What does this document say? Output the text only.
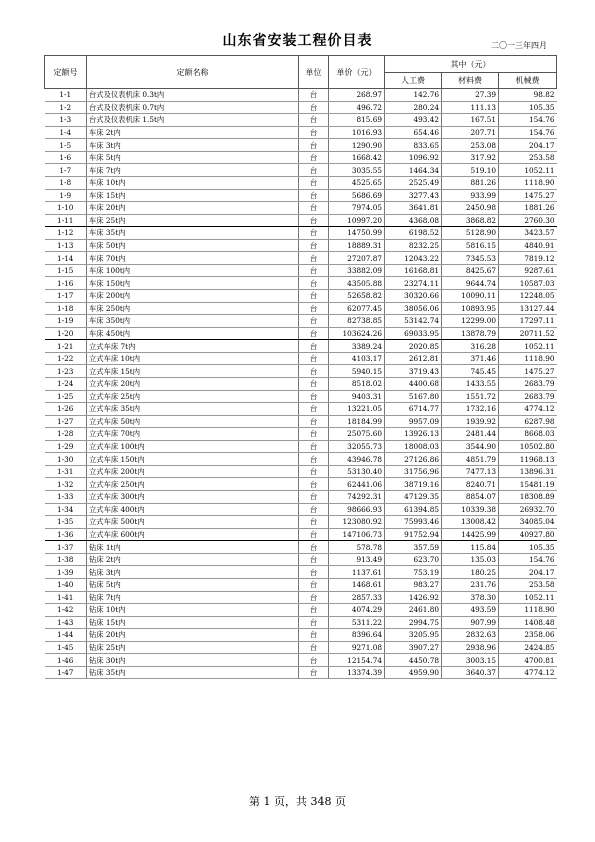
山东省安装工程价目表	二〇一三年四月
定额号	定额名称	单位	单价（元）	其中（元）		
				人工费	材料费	机械费
1-1	台式及仪表机床 0.3t内	台	268.97	142.76	27.39	98.82
1-2	台式及仪表机床 0.7t内	台	496.72	280.24	111.13	105.35
1-3	台式及仪表机床 1.5t内	台	815.69	493.42	167.51	154.76
1-4	车床 2t内	台	1016.93	654.46	207.71	154.76
1-5	车床 3t内	台	1290.90	833.65	253.08	204.17
1-6	车床 5t内	台	1668.42	1096.92	317.92	253.58
1-7	车床 7t内	台	3035.55	1464.34	519.10	1052.11
1-8	车床 10t内	台	4525.65	2525.49	881.26	1118.90
1-9	车床 15t内	台	5686.69	3277.43	933.99	1475.27
1-10	车床 20t内	台	7974.05	3641.81	2450.98	1881.26
1-11	车床 25t内	台	10997.20	4368.08	3868.82	2760.30
1-12	车床 35t内	台	14750.99	6198.52	5128.90	3423.57
1-13	车床 50t内	台	18889.31	8232.25	5816.15	4840.91
1-14	车床 70t内	台	27207.87	12043.22	7345.53	7819.12
1-15	车床 100t内	台	33882.09	16168.81	8425.67	9287.61
1-16	车床 150t内	台	43505.88	23274.11	9644.74	10587.03
1-17	车床 200t内	台	52658.82	30320.66	10090.11	12248.05
1-18	车床 250t内	台	62077.45	38056.06	10893.95	13127.44
1-19	车床 350t内	台	82738.85	53142.74	12299.00	17297.11
1-20	车床 450t内	台	103624.26	69033.95	13878.79	20711.52
1-21	立式车床 7t内	台	3389.24	2020.85	316.28	1052.11
1-22	立式车床 10t内	台	4103.17	2612.81	371.46	1118.90
1-23	立式车床 15t内	台	5940.15	3719.43	745.45	1475.27
1-24	立式车床 20t内	台	8518.02	4400.68	1433.55	2683.79
1-25	立式车床 25t内	台	9403.31	5167.80	1551.72	2683.79
1-26	立式车床 35t内	台	13221.05	6714.77	1732.16	4774.12
1-27	立式车床 50t内	台	18184.99	9957.09	1939.92	6287.98
1-28	立式车床 70t内	台	25075.60	13926.13	2481.44	8668.03
1-29	立式车床 100t内	台	32055.73	18008.03	3544.90	10502.80
1-30	立式车床 150t内	台	43946.78	27126.86	4851.79	11968.13
1-31	立式车床 200t内	台	53130.40	31756.96	7477.13	13896.31
1-32	立式车床 250t内	台	62441.06	38719.16	8240.71	15481.19
1-33	立式车床 300t内	台	74292.31	47129.35	8854.07	18308.89
1-34	立式车床 400t内	台	98666.93	61394.85	10339.38	26932.70
1-35	立式车床 500t内	台	123080.92	75993.46	13008.42	34085.04
1-36	立式车床 600t内	台	147106.73	91752.94	14425.99	40927.80
1-37	钻床 1t内	台	578.78	357.59	115.84	105.35
1-38	钻床 2t内	台	913.49	623.70	135.03	154.76
1-39	钻床 3t内	台	1137.61	753.19	180.25	204.17
1-40	钻床 5t内	台	1468.61	983.27	231.76	253.58
1-41	钻床 7t内	台	2857.33	1426.92	378.30	1052.11
1-42	钻床 10t内	台	4074.29	2461.80	493.59	1118.90
1-43	钻床 15t内	台	5311.22	2994.75	907.99	1408.48
1-44	钻床 20t内	台	8396.64	3205.95	2832.63	2358.06
1-45	钻床 25t内	台	9271.08	3907.27	2938.96	2424.85
1-46	钻床 30t内	台	12154.74	4450.78	3003.15	4700.81
1-47	钻床 35t内	台	13374.39	4959.90	3640.37	4774.12
第 1 页，共 348 页
